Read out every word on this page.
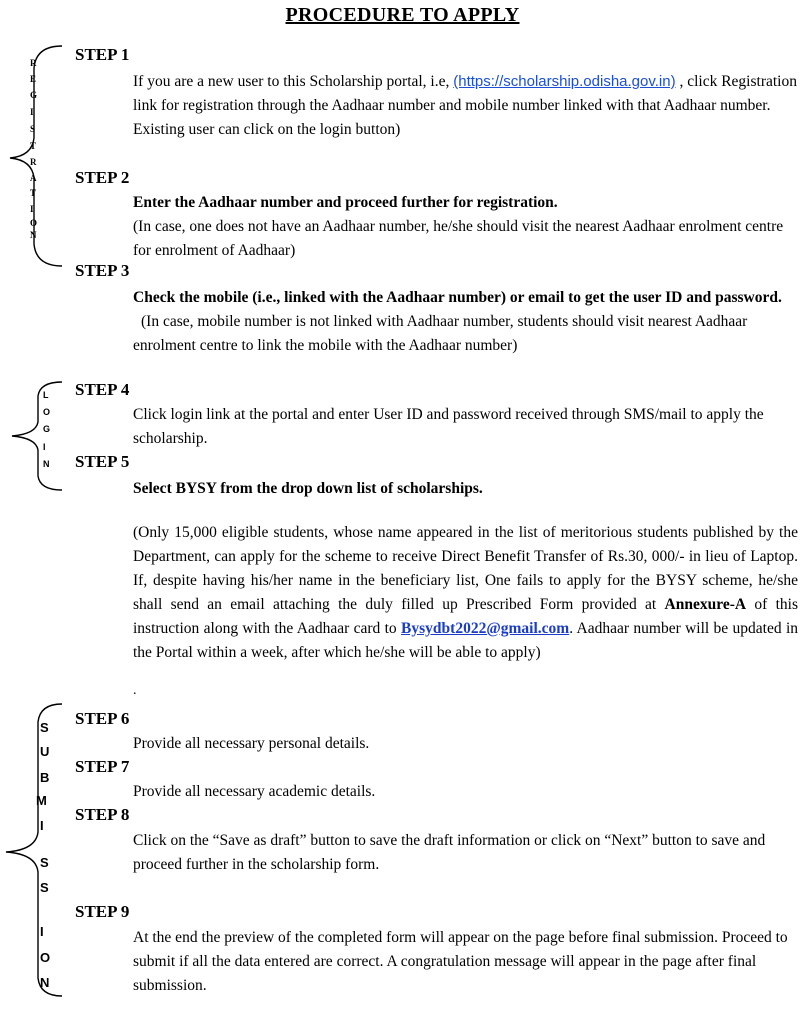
PROCEDURE TO APPLY
R
E
G
I
S
T
R
A
T
I
O
N
L
O
G
I
N
S
U
B
M
I
S
S
I
O
N
STEP 1
If you are a new user to this Scholarship portal, i.e, (https://scholarship.odisha.gov.in) , click Registration link for registration through the Aadhaar number and mobile number linked with that Aadhaar number. Existing user can click on the login button)
STEP 2
Enter the Aadhaar number and proceed further for registration.
(In case, one does not have an Aadhaar number, he/she should visit the nearest Aadhaar enrolment centre for enrolment of Aadhaar)
STEP 3
Check the mobile (i.e., linked with the Aadhaar number) or email to get the user ID and password.
(In case, mobile number is not linked with Aadhaar number, students should visit nearest Aadhaar enrolment centre to link the mobile with the Aadhaar number)
STEP 4
Click login link at the portal and enter User ID and password received through SMS/mail to apply the scholarship.
STEP 5
Select BYSY from the drop down list of scholarships.
(Only 15,000 eligible students, whose name appeared in the list of meritorious students published by the Department, can apply for the scheme to receive Direct Benefit Transfer of Rs.30, 000/- in lieu of Laptop. If, despite having his/her name in the beneficiary list, One fails to apply for the BYSY scheme, he/she shall send an email attaching the duly filled up Prescribed Form provided at Annexure-A of this instruction along with the Aadhaar card to Bysydbt2022@gmail.com. Aadhaar number will be updated in the Portal within a week, after which he/she will be able to apply)
.
STEP 6
Provide all necessary personal details.
STEP 7
Provide all necessary academic details.
STEP 8
Click on the “Save as draft” button to save the draft information or click on “Next” button to save and proceed further in the scholarship form.
STEP 9
At the end the preview of the completed form will appear on the page before final submission. Proceed to submit if all the data entered are correct. A congratulation message will appear in the page after final submission.
